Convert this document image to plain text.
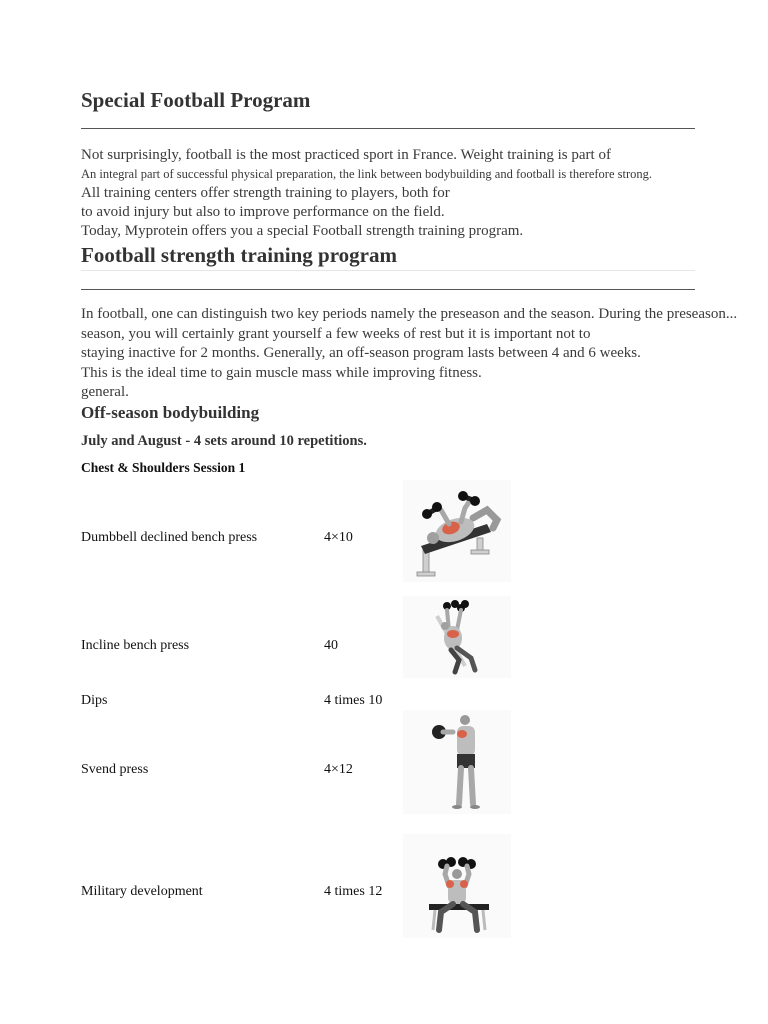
Special Football Program
Not surprisingly, football is the most practiced sport in France. Weight training is part of
An integral part of successful physical preparation, the link between bodybuilding and football is therefore strong.
All training centers offer strength training to players, both for
to avoid injury but also to improve performance on the field.
Today, Myprotein offers you a special Football strength training program.
Football strength training program
In football, one can distinguish two key periods namely the preseason and the season. During the preseason...
season, you will certainly grant yourself a few weeks of rest but it is important not to
staying inactive for 2 months. Generally, an off-season program lasts between 4 and 6 weeks.
This is the ideal time to gain muscle mass while improving fitness.
general.
Off-season bodybuilding
July and August - 4 sets around 10 repetitions.
Chest & Shoulders Session 1
Dumbbell declined bench press	4×10
Incline bench press	40
Dips	4 times 10
Svend press	4×12
Military development	4 times 12
